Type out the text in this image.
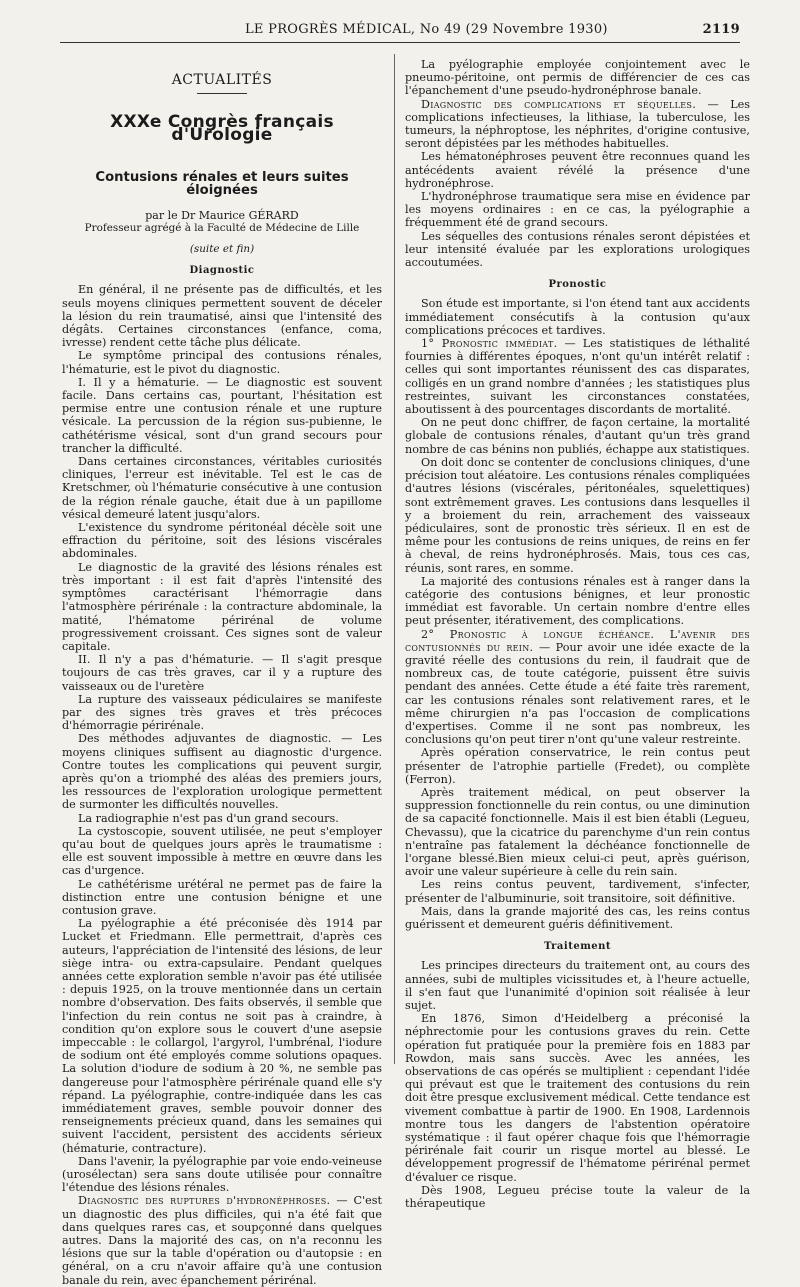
LE PROGRÈS MÉDICAL, No 49 (29 Novembre 1930)	2119
ACTUALITÉS
XXXe Congrès français d'Urologie
Contusions rénales et leurs suites éloignées
par le Dr Maurice GÉRARD
Professeur agrégé à la Faculté de Médecine de Lille
(suite et fin)
Diagnostic

En général, il ne présente pas de difficultés, et les seuls moyens cliniques permettent souvent de déceler la lésion du rein traumatisé, ainsi que l'intensité des dégâts. Certaines circonstances (enfance, coma, ivresse) rendent cette tâche plus délicate.

Le symptôme principal des contusions rénales, l'hématurie, est le pivot du diagnostic.

I. Il y a hématurie. — Le diagnostic est souvent facile. Dans certains cas, pourtant, l'hésitation est permise entre une contusion rénale et une rupture vésicale. La percussion de la région sus-pubienne, le cathétérisme vésical, sont d'un grand secours pour trancher la difficulté.

Dans certaines circonstances, véritables curiosités cliniques, l'erreur est inévitable. Tel est le cas de Kretschmer, où l'hématurie consécutive à une contusion de la région rénale gauche, était due à un papillome vésical demeuré latent jusqu'alors.

L'existence du syndrome péritonéal décèle soit une effraction du péritoine, soit des lésions viscérales abdominales.

Le diagnostic de la gravité des lésions rénales est très important : il est fait d'après l'intensité des symptômes caractérisant l'hémorragie dans l'atmosphère périrénale : la contracture abdominale, la matité, l'hématome périrénal de volume progressivement croissant. Ces signes sont de valeur capitale.

II. Il n'y a pas d'hématurie. — Il s'agit presque toujours de cas très graves, car il y a rupture des vaisseaux ou de l'uretère

La rupture des vaisseaux pédiculaires se manifeste par des signes très graves et très précoces d'hémorragie périrénale.

Des méthodes adjuvantes de diagnostic. — Les moyens cliniques suffisent au diagnostic d'urgence. Contre toutes les complications qui peuvent surgir, après qu'on a triomphé des aléas des premiers jours, les ressources de l'exploration urologique permettent de surmonter les difficultés nouvelles.

La radiographie n'est pas d'un grand secours.

La cystoscopie, souvent utilisée, ne peut s'employer qu'au bout de quelques jours après le traumatisme : elle est souvent impossible à mettre en œuvre dans les cas d'urgence.

Le cathétérisme urétéral ne permet pas de faire la distinction entre une contusion bénigne et une contusion grave.

La pyélographie a été préconisée dès 1914 par Lucket et Friedmann. Elle permettrait, d'après ces auteurs, l'appréciation de l'intensité des lésions, de leur siège intra- ou extra-capsulaire. Pendant quelques années cette exploration semble n'avoir pas été utilisée : depuis 1925, on la trouve mentionnée dans un certain nombre d'observation. Des faits observés, il semble que l'infection du rein contus ne soit pas à craindre, à condition qu'on explore sous le couvert d'une asepsie impeccable : le collargol, l'argyrol, l'umbrénal, l'iodure de sodium ont été employés comme solutions opaques. La solution d'iodure de sodium à 20 %, ne semble pas dangereuse pour l'atmosphère périrénale quand elle s'y répand. La pyélographie, contre-indiquée dans les cas immédiatement graves, semble pouvoir donner des renseignements précieux quand, dans les semaines qui suivent l'accident, persistent des accidents sérieux (hématurie, contracture).

Dans l'avenir, la pyélographie par voie endo-veineuse (urosélectan) sera sans doute utilisée pour connaître l'étendue des lésions rénales.

Diagnostic des ruptures d'hydronéphroses. — C'est un diagnostic des plus difficiles, qui n'a été fait que dans quelques rares cas, et soupçonné dans quelques autres. Dans la majorité des cas, on n'a reconnu les lésions que sur la table d'opération ou d'autopsie : en général, on a cru n'avoir affaire qu'à une contusion banale du rein, avec épanchement périrénal.

La pyélographie employée conjointement avec le pneumo-péritoine, ont permis de différencier de ces cas l'épanchement d'une pseudo-hydronéphrose banale.

Diagnostic des complications et séquelles. — Les complications infectieuses, la lithiase, la tuberculose, les tumeurs, la néphroptose, les néphrites, d'origine contusive, seront dépistées par les méthodes habituelles.

Les hématonéphroses peuvent être reconnues quand les antécédents avaient révélé la présence d'une hydronéphrose.

L'hydronéphrose traumatique sera mise en évidence par les moyens ordinaires : en ce cas, la pyélographie a fréquemment été de grand secours.

Les séquelles des contusions rénales seront dépistées et leur intensité évaluée par les explorations urologiques accoutumées.

Pronostic

Son étude est importante, si l'on étend tant aux accidents immédiatement consécutifs à la contusion qu'aux complications précoces et tardives.

1° Pronostic immédiat. — Les statistiques de léthalité fournies à différentes époques, n'ont qu'un intérêt relatif : celles qui sont importantes réunissent des cas disparates, colligés en un grand nombre d'années ; les statistiques plus restreintes, suivant les circonstances constatées, aboutissent à des pourcentages discordants de mortalité.

On ne peut donc chiffrer, de façon certaine, la mortalité globale de contusions rénales, d'autant qu'un très grand nombre de cas bénins non publiés, échappe aux statistiques.

On doit donc se contenter de conclusions cliniques, d'une précision tout aléatoire. Les contusions rénales compliquées d'autres lésions (viscérales, péritonéales, squelettiques) sont extrêmement graves. Les contusions dans lesquelles il y a broiement du rein, arrachement des vaisseaux pédiculaires, sont de pronostic très sérieux. Il en est de même pour les contusions de reins uniques, de reins en fer à cheval, de reins hydronéphrosés. Mais, tous ces cas, réunis, sont rares, en somme.

La majorité des contusions rénales est à ranger dans la catégorie des contusions bénignes, et leur pronostic immédiat est favorable. Un certain nombre d'entre elles peut présenter, itérativement, des complications.

2° Pronostic à longue échéance. L'avenir des contusionnés du rein. — Pour avoir une idée exacte de la gravité réelle des contusions du rein, il faudrait que de nombreux cas, de toute catégorie, puissent être suivis pendant des années. Cette étude a été faite très rarement, car les contusions rénales sont relativement rares, et le même chirurgien n'a pas l'occasion de complications d'expertises. Comme il ne sont pas nombreux, les conclusions qu'on peut tirer n'ont qu'une valeur restreinte.

Après opération conservatrice, le rein contus peut présenter de l'atrophie partielle (Fredet), ou complète (Ferron).

Après traitement médical, on peut observer la suppression fonctionnelle du rein contus, ou une diminution de sa capacité fonctionnelle. Mais il est bien établi (Legueu, Chevassu), que la cicatrice du parenchyme d'un rein contus n'entraîne pas fatalement la déchéance fonctionnelle de l'organe blessé.Bien mieux celui-ci peut, après guérison, avoir une valeur supérieure à celle du rein sain.

Les reins contus peuvent, tardivement, s'infecter, présenter de l'albuminurie, soit transitoire, soit définitive.

Mais, dans la grande majorité des cas, les reins contus guérissent et demeurent guéris définitivement.

Traitement

Les principes directeurs du traitement ont, au cours des années, subi de multiples vicissitudes et, à l'heure actuelle, il s'en faut que l'unanimité d'opinion soit réalisée à leur sujet.

En 1876, Simon d'Heidelberg a préconisé la néphrectomie pour les contusions graves du rein. Cette opération fut pratiquée pour la première fois en 1883 par Rowdon, mais sans succès. Avec les années, les observations de cas opérés se multiplient : cependant l'idée qui prévaut est que le traitement des contusions du rein doit être presque exclusivement médical. Cette tendance est vivement combattue à partir de 1900. En 1908, Lardennois montre tous les dangers de l'abstention opératoire systématique : il faut opérer chaque fois que l'hémorragie périrénale fait courir un risque mortel au blessé. Le développement progressif de l'hématome périrénal permet d'évaluer ce risque.

Dès 1908, Legueu précise toute la valeur de la thérapeutique
